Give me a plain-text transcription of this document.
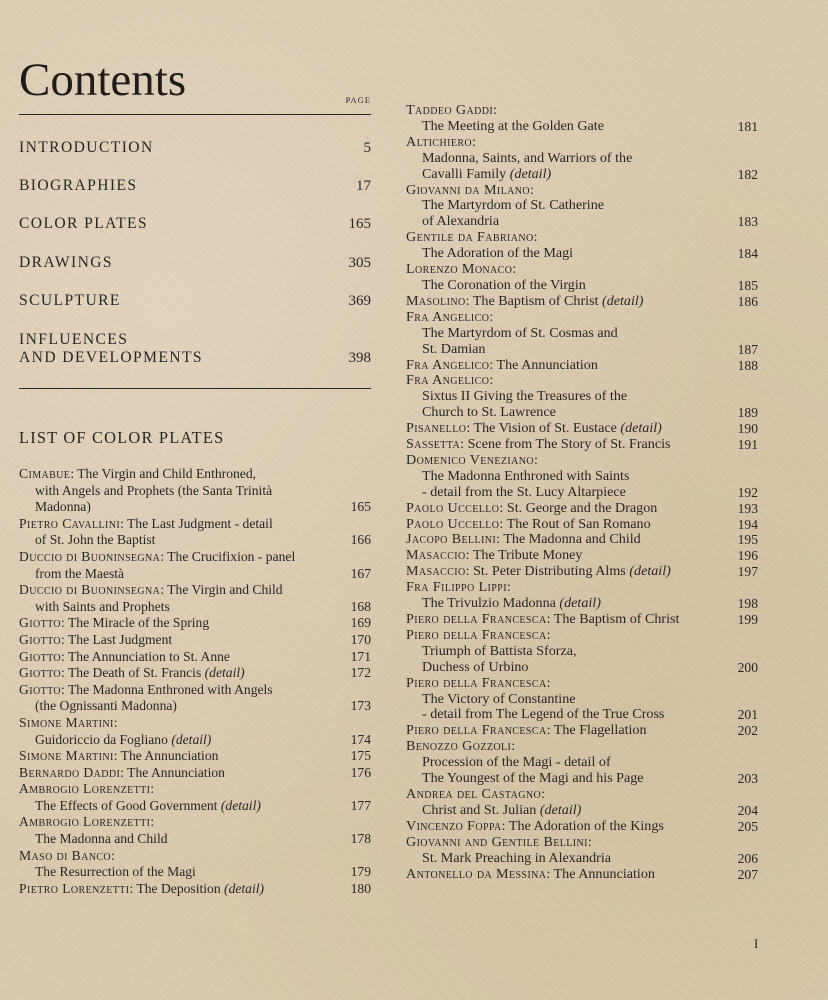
Contents	PAGE
INTRODUCTION	5
BIOGRAPHIES	17
COLOR PLATES	165
DRAWINGS	305
SCULPTURE	369
INFLUENCES
AND DEVELOPMENTS	398
LIST OF COLOR PLATES
Cimabue: The Virgin and Child Enthroned,
with Angels and Prophets (the Santa Trinità
Madonna)	165
Pietro Cavallini: The Last Judgment - detail
of St. John the Baptist	166
Duccio di Buoninsegna: The Crucifixion - panel
from the Maestà	167
Duccio di Buoninsegna: The Virgin and Child
with Saints and Prophets	168
Giotto: The Miracle of the Spring	169
Giotto: The Last Judgment	170
Giotto: The Annunciation to St. Anne	171
Giotto: The Death of St. Francis (detail)	172
Giotto: The Madonna Enthroned with Angels
(the Ognissanti Madonna)	173
Simone Martini:
Guidoriccio da Fogliano (detail)	174
Simone Martini: The Annunciation	175
Bernardo Daddi: The Annunciation	176
Ambrogio Lorenzetti:
The Effects of Good Government (detail)	177
Ambrogio Lorenzetti:
The Madonna and Child	178
Maso di Banco:
The Resurrection of the Magi	179
Pietro Lorenzetti: The Deposition (detail)	180
Taddeo Gaddi:
The Meeting at the Golden Gate	181
Altichiero:
Madonna, Saints, and Warriors of the
Cavalli Family (detail)	182
Giovanni da Milano:
The Martyrdom of St. Catherine
of Alexandria	183
Gentile da Fabriano:
The Adoration of the Magi	184
Lorenzo Monaco:
The Coronation of the Virgin	185
Masolino: The Baptism of Christ (detail)	186
Fra Angelico:
The Martyrdom of St. Cosmas and
St. Damian	187
Fra Angelico: The Annunciation	188
Fra Angelico:
Sixtus II Giving the Treasures of the
Church to St. Lawrence	189
Pisanello: The Vision of St. Eustace (detail)	190
Sassetta: Scene from The Story of St. Francis	191
Domenico Veneziano:
The Madonna Enthroned with Saints
- detail from the St. Lucy Altarpiece	192
Paolo Uccello: St. George and the Dragon	193
Paolo Uccello: The Rout of San Romano	194
Jacopo Bellini: The Madonna and Child	195
Masaccio: The Tribute Money	196
Masaccio: St. Peter Distributing Alms (detail)	197
Fra Filippo Lippi:
The Trivulzio Madonna (detail)	198
Piero della Francesca: The Baptism of Christ	199
Piero della Francesca:
Triumph of Battista Sforza,
Duchess of Urbino	200
Piero della Francesca:
The Victory of Constantine
- detail from The Legend of the True Cross	201
Piero della Francesca: The Flagellation	202
Benozzo Gozzoli:
Procession of the Magi - detail of
The Youngest of the Magi and his Page	203
Andrea del Castagno:
Christ and St. Julian (detail)	204
Vincenzo Foppa: The Adoration of the Kings	205
Giovanni and Gentile Bellini:
St. Mark Preaching in Alexandria	206
Antonello da Messina: The Annunciation	207
I
